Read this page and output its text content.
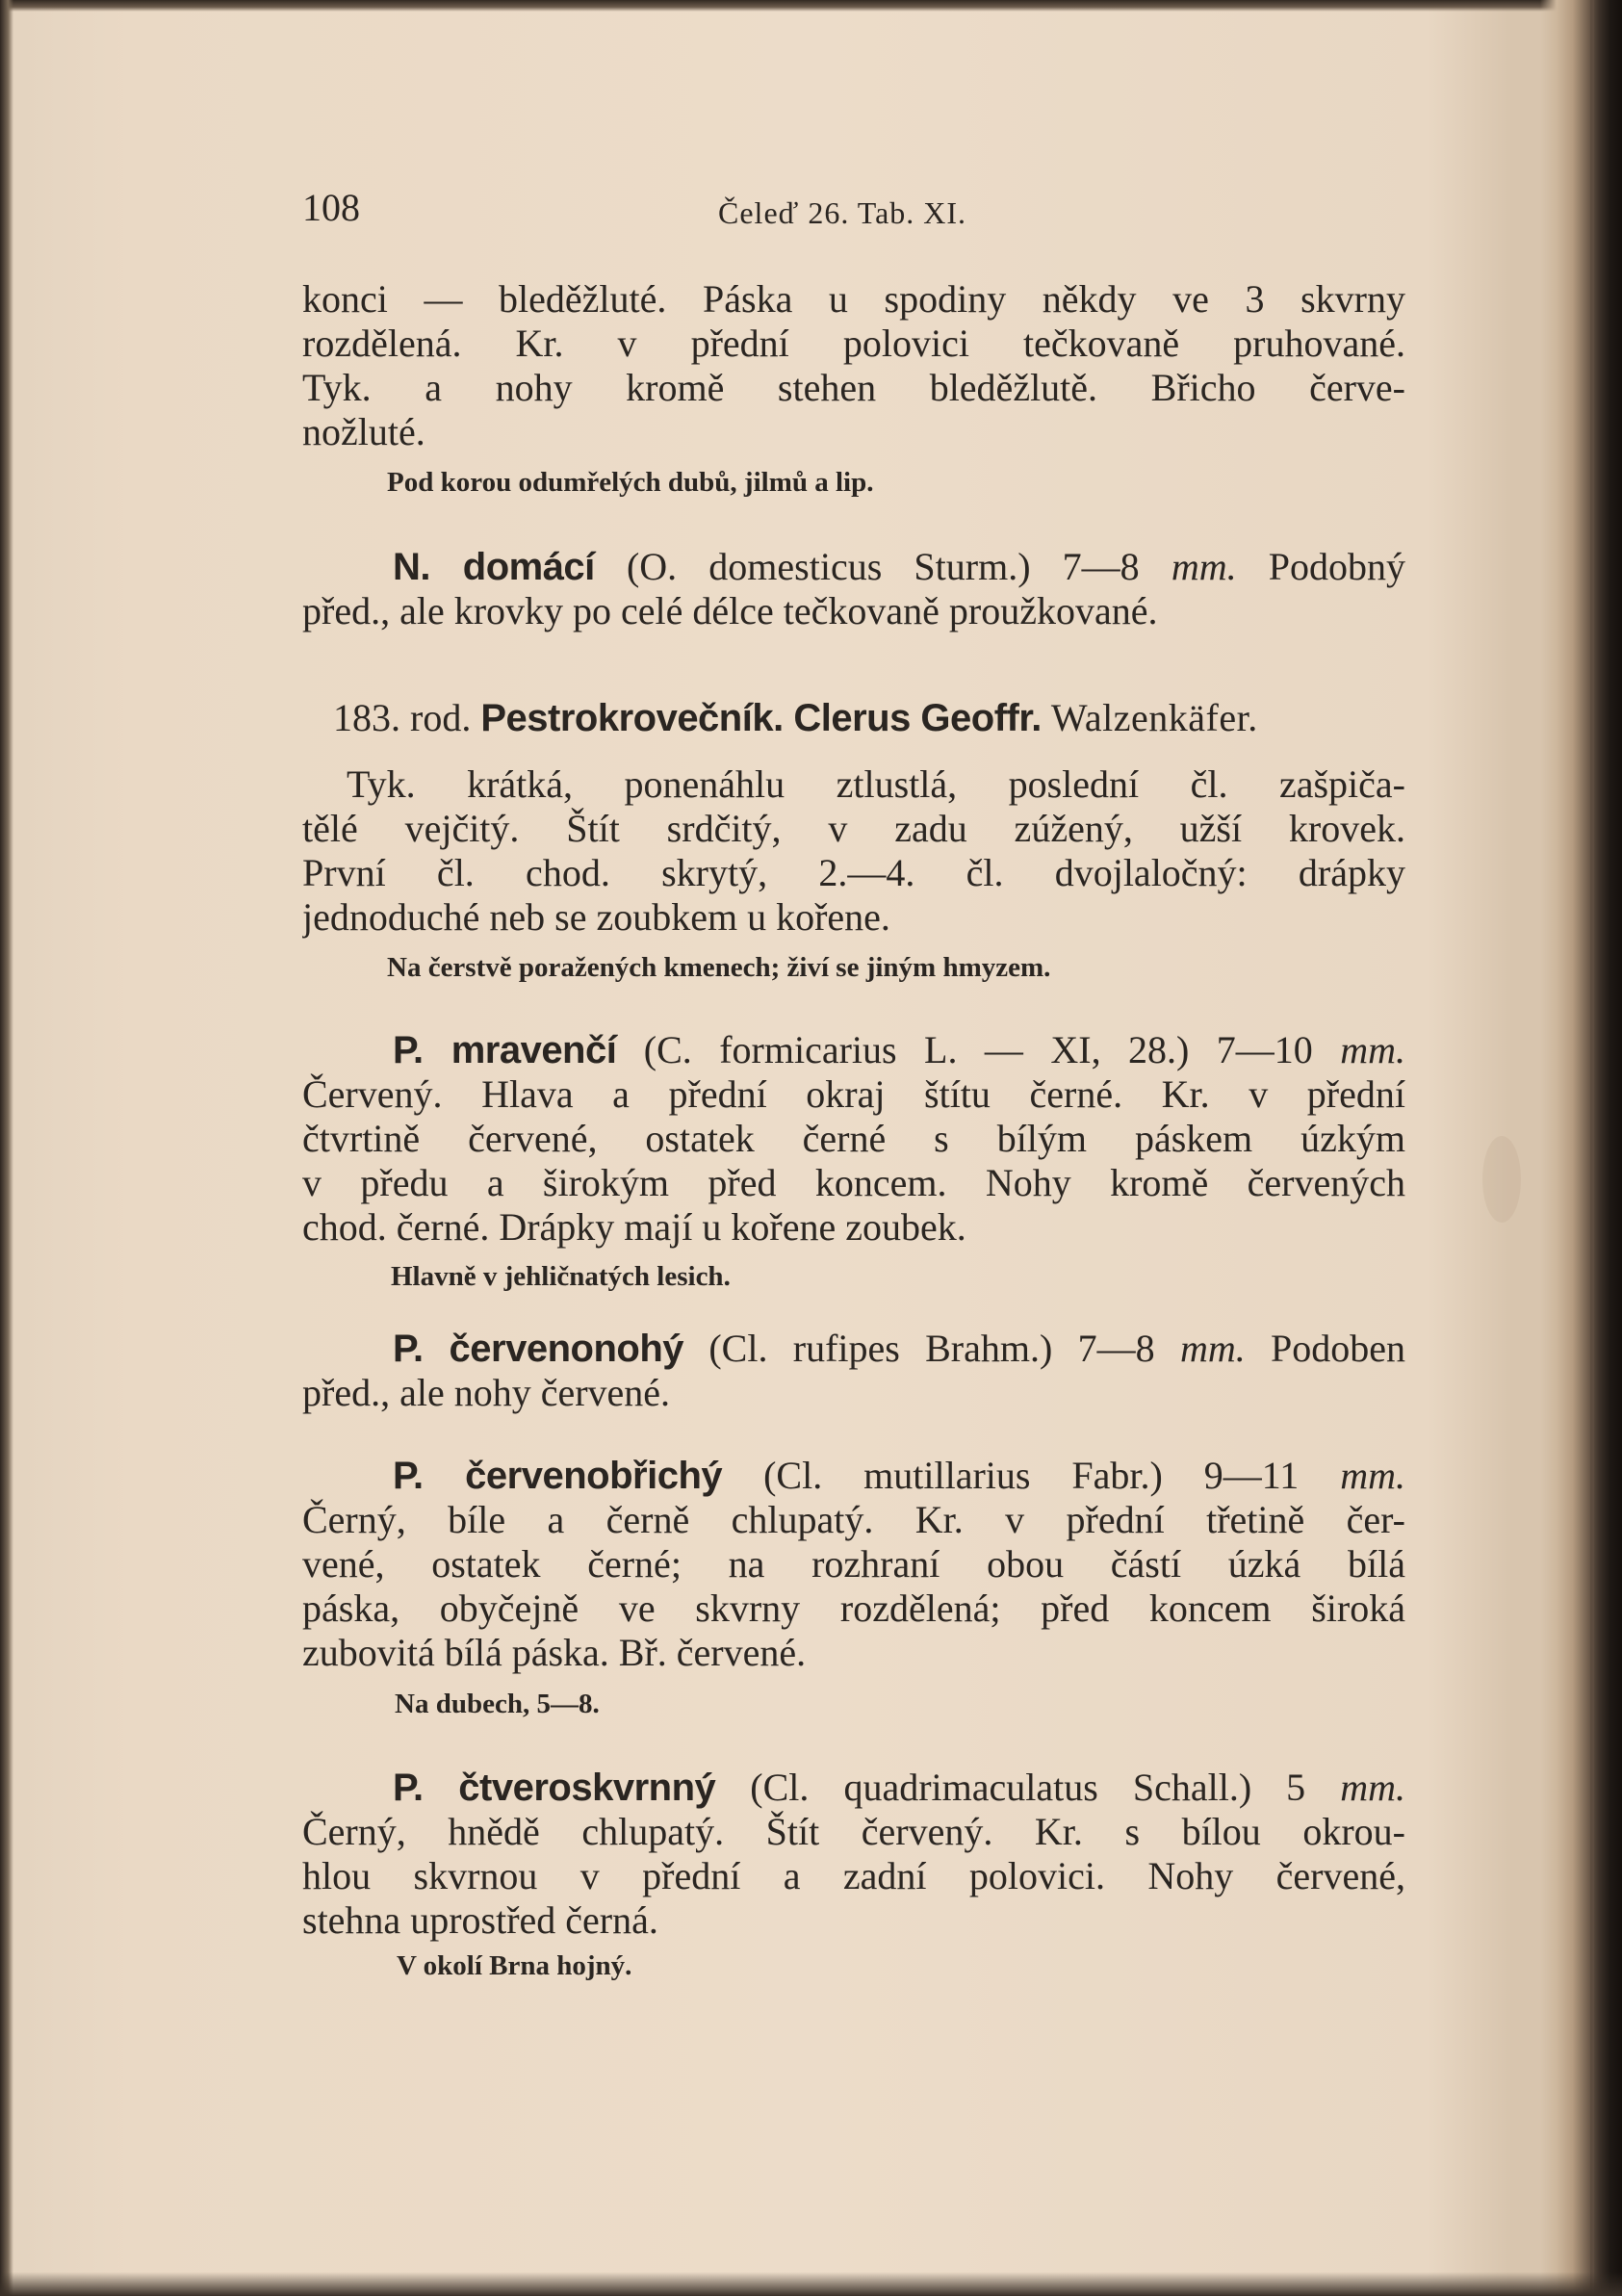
108	Čeleď 26. Tab. XI.
konci — bleděžluté. Páska u spodiny někdy ve 3 skvrny
rozdělená. Kr. v přední polovici tečkovaně pruhované.
Tyk. a nohy kromě stehen bleděžlutě. Břicho červe-
nožluté.
Pod korou odumřelých dubů, jilmů a lip.
N. domácí (O. domesticus Sturm.) 7—8 mm. Podobný
před., ale krovky po celé délce tečkovaně proužkované.
183. rod. Pestrokrovečník. Clerus Geoffr. Walzenkäfer.
Tyk. krátká, ponenáhlu ztlustlá, poslední čl. zašpiča-
tělé vejčitý. Štít srdčitý, v zadu zúžený, užší krovek.
První čl. chod. skrytý, 2.—4. čl. dvojlaločný: drápky
jednoduché neb se zoubkem u kořene.
Na čerstvě poražených kmenech; živí se jiným hmyzem.
P. mravenčí (C. formicarius L. — XI, 28.) 7—10 mm.
Červený. Hlava a přední okraj štítu černé. Kr. v přední
čtvrtině červené, ostatek černé s bílým páskem úzkým
v předu a širokým před koncem. Nohy kromě červených
chod. černé. Drápky mají u kořene zoubek.
Hlavně v jehličnatých lesich.
P. červenonohý (Cl. rufipes Brahm.) 7—8 mm. Podoben
před., ale nohy červené.
P. červenobřichý (Cl. mutillarius Fabr.) 9—11 mm.
Černý, bíle a černě chlupatý. Kr. v přední třetině čer-
vené, ostatek černé; na rozhraní obou částí úzká bílá
páska, obyčejně ve skvrny rozdělená; před koncem široká
zubovitá bílá páska. Bř. červené.
Na dubech, 5—8.
P. čtveroskvrnný (Cl. quadrimaculatus Schall.) 5 mm.
Černý, hnědě chlupatý. Štít červený. Kr. s bílou okrou-
hlou skvrnou v přední a zadní polovici. Nohy červené,
stehna uprostřed černá.
V okolí Brna hojný.
